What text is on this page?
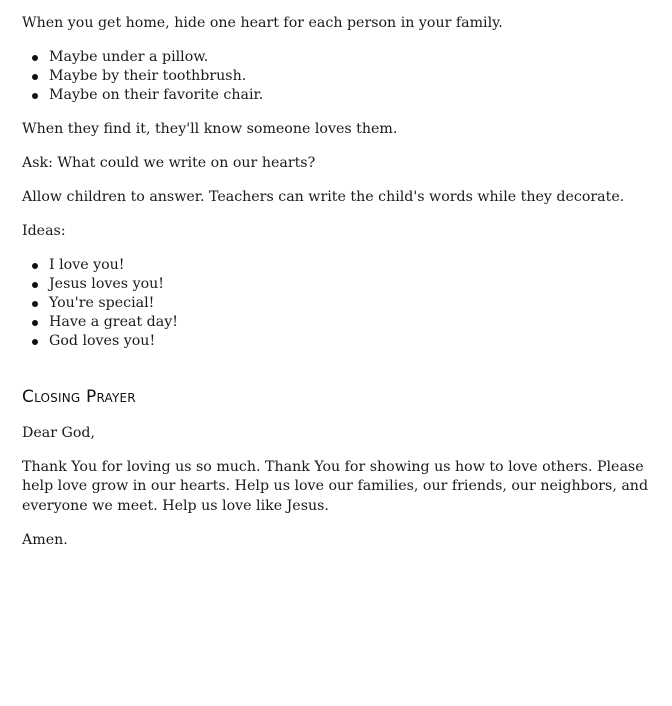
When you get home, hide one heart for each person in your family.

Maybe under a pillow.
Maybe by their toothbrush.
Maybe on their favorite chair.

When they find it, they'll know someone loves them.

Ask: What could we write on our hearts?

Allow children to answer. Teachers can write the child's words while they decorate.

Ideas:

I love you!
Jesus loves you!
You're special!
Have a great day!
God loves you!
Closing Prayer

Dear God,

Thank You for loving us so much. Thank You for showing us how to love others. Please help love grow in our hearts. Help us love our families, our friends, our neighbors, and everyone we meet. Help us love like Jesus.

Amen.
